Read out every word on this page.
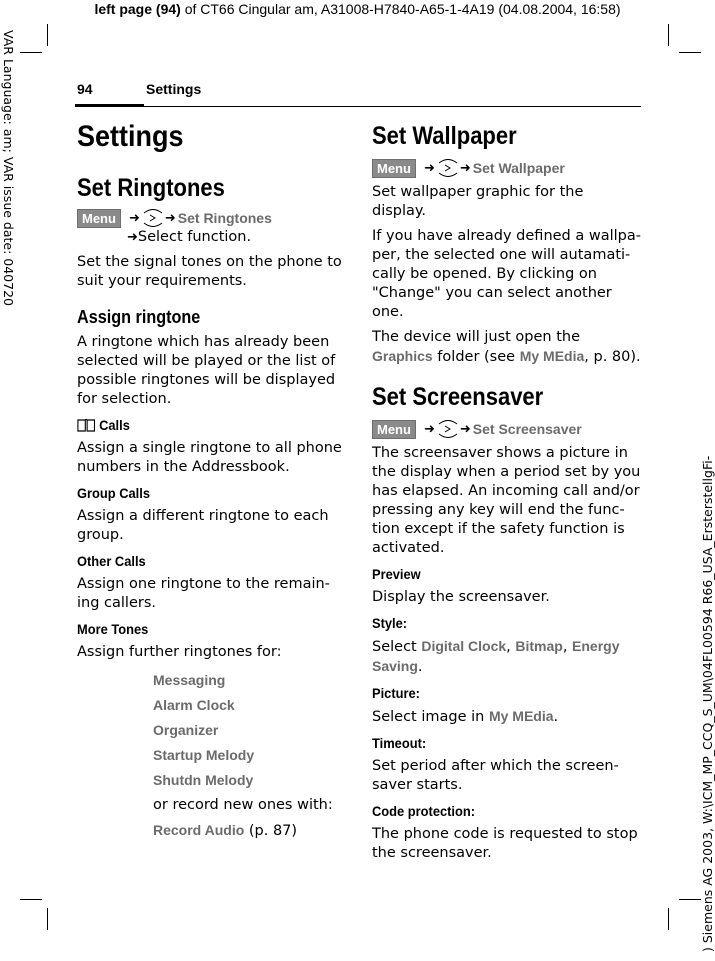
left page (94) of CT66 Cingular am, A31008-H7840-A65-1-4A19 (04.08.2004, 16:58)
VAR Language: am; VAR issue date: 040720
) Siemens AG 2003, W:\ICM_MP_CCQ_S_UM\04FL00594 R66_USA_ErsterstellgFi-
94	Settings
Settings
Set Ringtones
Menu	➜ ➜ Set Ringtones
➜Select function.

Set the signal tones on the phone to suit your requirements.

Assign ringtone

A ringtone which has already been selected will be played or the list of possible ringtones will be displayed for selection.

Calls

Assign a single ringtone to all phone numbers in the Addressbook.

Group Calls

Assign a different ringtone to each group.

Other Calls

Assign one ringtone to the remain-ing callers.

More Tones

Assign further ringtones for:

Messaging
Alarm Clock
Organizer
Startup Melody
Shutdn Melody
or record new ones with:
Record Audio (p. 87)
Set Wallpaper
Menu	➜ ➜ Set Wallpaper

Set wallpaper graphic for the display.

If you have already defined a wallpa-per, the selected one will autamati-cally be opened. By clicking on "Change" you can select another one.

The device will just open the Graphics folder (see My MEdia, p. 80).

Set Screensaver
Menu	➜ ➜ Set Screensaver

The screensaver shows a picture in the display when a period set by you has elapsed. An incoming call and/or pressing any key will end the func-tion except if the safety function is activated.

Preview

Display the screensaver.

Style:

Select Digital Clock, Bitmap, Energy Saving.

Picture:

Select image in My MEdia.

Timeout:

Set period after which the screen-saver starts.

Code protection:

The phone code is requested to stop the screensaver.
